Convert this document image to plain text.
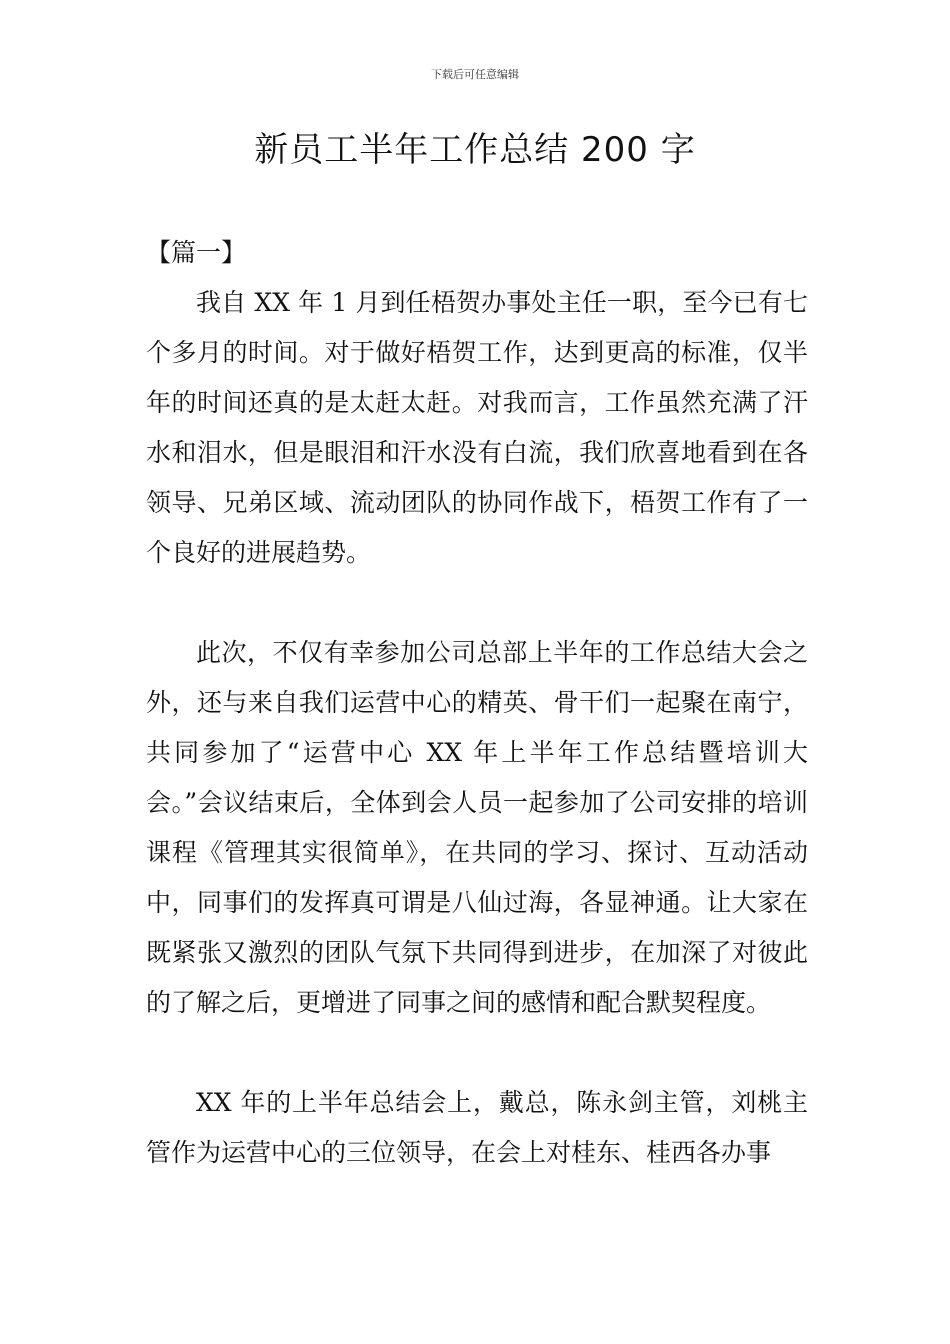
下载后可任意编辑
新员工半年工作总结 200 字

【篇一】

我自 XX 年 1 月到任梧贺办事处主任一职，至今已有七个多月的时间。对于做好梧贺工作，达到更高的标准，仅半年的时间还真的是太赶太赶。对我而言，工作虽然充满了汗水和泪水，但是眼泪和汗水没有白流，我们欣喜地看到在各领导、兄弟区域、流动团队的协同作战下，梧贺工作有了一个良好的进展趋势。

此次，不仅有幸参加公司总部上半年的工作总结大会之外，还与来自我们运营中心的精英、骨干们一起聚在南宁，共同参加了“运营中心 XX 年上半年工作总结暨培训大会。”会议结束后，全体到会人员一起参加了公司安排的培训课程《管理其实很简单》，在共同的学习、探讨、互动活动中，同事们的发挥真可谓是八仙过海，各显神通。让大家在既紧张又激烈的团队气氛下共同得到进步，在加深了对彼此的了解之后，更增进了同事之间的感情和配合默契程度。

XX 年的上半年总结会上，戴总，陈永剑主管，刘桃主管作为运营中心的三位领导，在会上对桂东、桂西各办事
